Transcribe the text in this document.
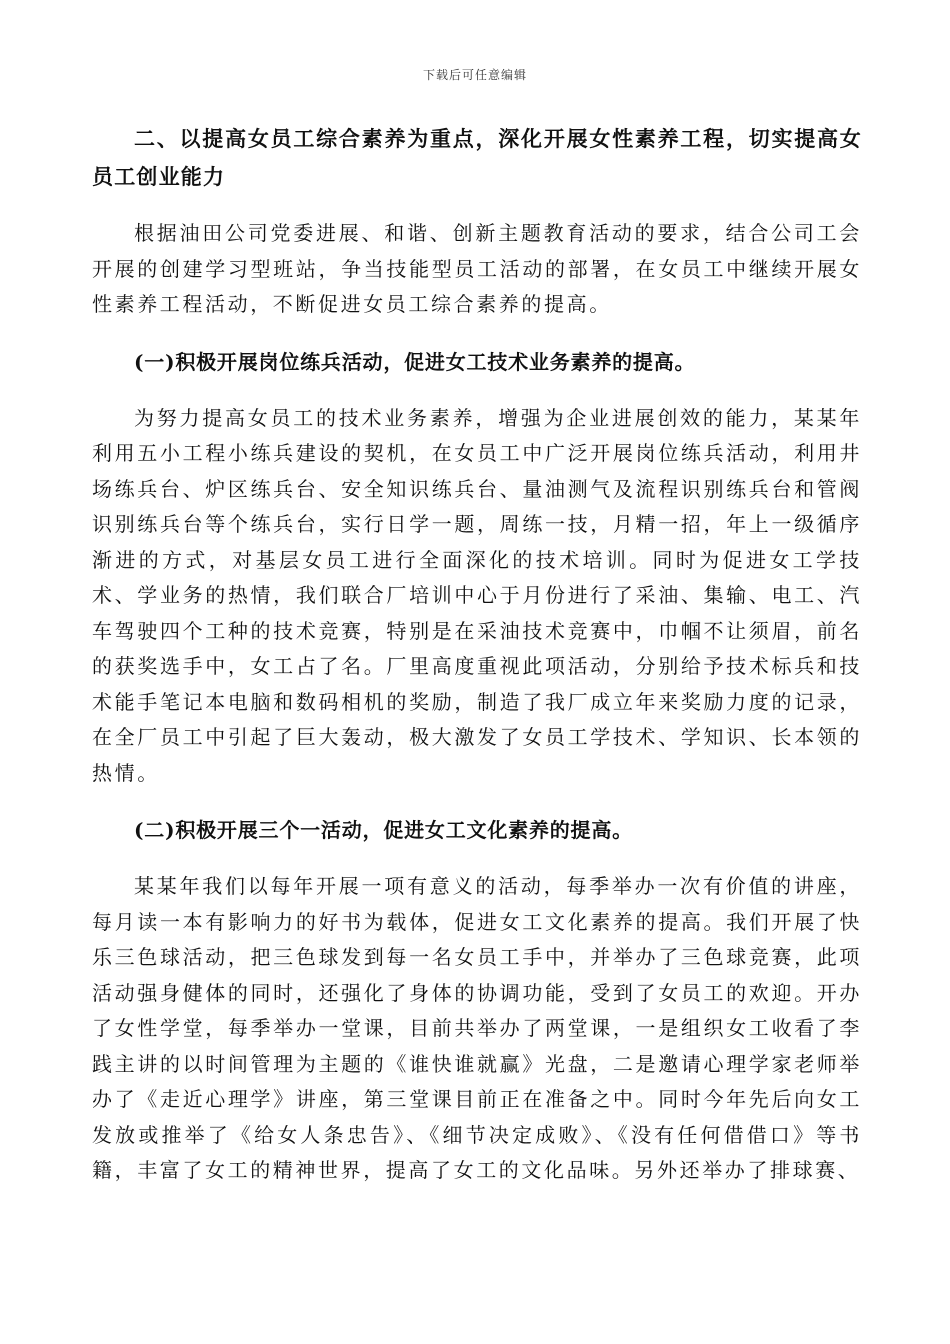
下载后可任意编辑

二、以提高女员工综合素养为重点，深化开展女性素养工程，切实提高女员工创业能力

根据油田公司党委进展、和谐、创新主题教育活动的要求，结合公司工会开展的创建学习型班站，争当技能型员工活动的部署，在女员工中继续开展女性素养工程活动，不断促进女员工综合素养的提高。

(一)积极开展岗位练兵活动，促进女工技术业务素养的提高。

为努力提高女员工的技术业务素养，增强为企业进展创效的能力，某某年利用五小工程小练兵建设的契机，在女员工中广泛开展岗位练兵活动，利用井场练兵台、炉区练兵台、安全知识练兵台、量油测气及流程识别练兵台和管阀识别练兵台等个练兵台，实行日学一题，周练一技，月精一招，年上一级循序渐进的方式，对基层女员工进行全面深化的技术培训。同时为促进女工学技术、学业务的热情，我们联合厂培训中心于月份进行了采油、集输、电工、汽车驾驶四个工种的技术竞赛，特别是在采油技术竞赛中，巾帼不让须眉，前名的获奖选手中，女工占了名。厂里高度重视此项活动，分别给予技术标兵和技术能手笔记本电脑和数码相机的奖励，制造了我厂成立年来奖励力度的记录，在全厂员工中引起了巨大轰动，极大激发了女员工学技术、学知识、长本领的热情。

(二)积极开展三个一活动，促进女工文化素养的提高。

某某年我们以每年开展一项有意义的活动，每季举办一次有价值的讲座，每月读一本有影响力的好书为载体，促进女工文化素养的提高。我们开展了快乐三色球活动，把三色球发到每一名女员工手中，并举办了三色球竞赛，此项活动强身健体的同时，还强化了身体的协调功能，受到了女员工的欢迎。开办了女性学堂，每季举办一堂课，目前共举办了两堂课，一是组织女工收看了李践主讲的以时间管理为主题的《谁快谁就赢》光盘，二是邀请心理学家老师举办了《走近心理学》讲座，第三堂课目前正在准备之中。同时今年先后向女工发放或推举了《给女人条忠告》、《细节决定成败》、《没有任何借借口》等书籍，丰富了女工的精神世界，提高了女工的文化品味。另外还举办了排球赛、
